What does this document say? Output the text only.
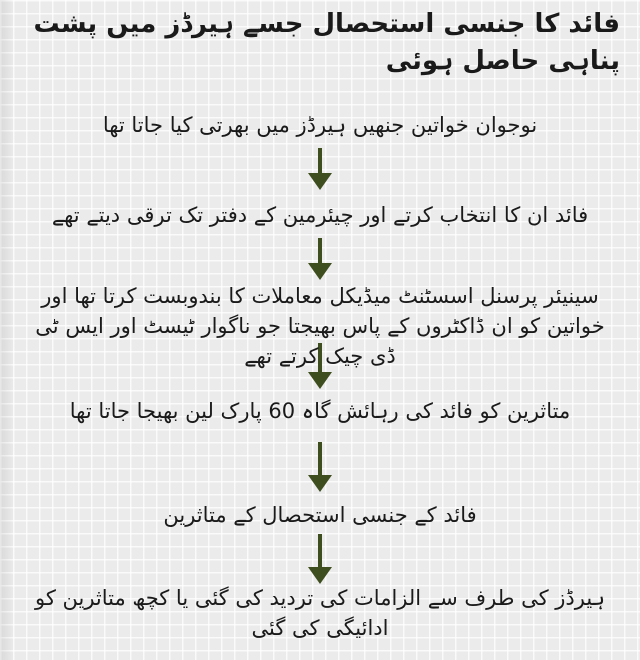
فائد کا جنسی استحصال جسے ہیرڈز میں پشت پناہی حاصل ہوئی
نوجوان خواتین جنھیں ہیرڈز میں بھرتی کیا جاتا تھا
فائد ان کا انتخاب کرتے اور چیئرمین کے دفتر تک ترقی دیتے تھے
سینیئر پرسنل اسسٹنٹ میڈیکل معاملات کا بندوبست کرتا تھا اور خواتین کو ان ڈاکٹروں کے پاس بھیجتا جو ناگوار ٹیسٹ اور ایس ٹی ڈی چیک کرتے تھے
متاثرین کو فائد کی رہائش گاہ 60 پارک لین بھیجا جاتا تھا
فائد کے جنسی استحصال کے متاثرین
ہیرڈز کی طرف سے الزامات کی تردید کی گئی یا کچھ متاثرین کو ادائیگی کی گئی
